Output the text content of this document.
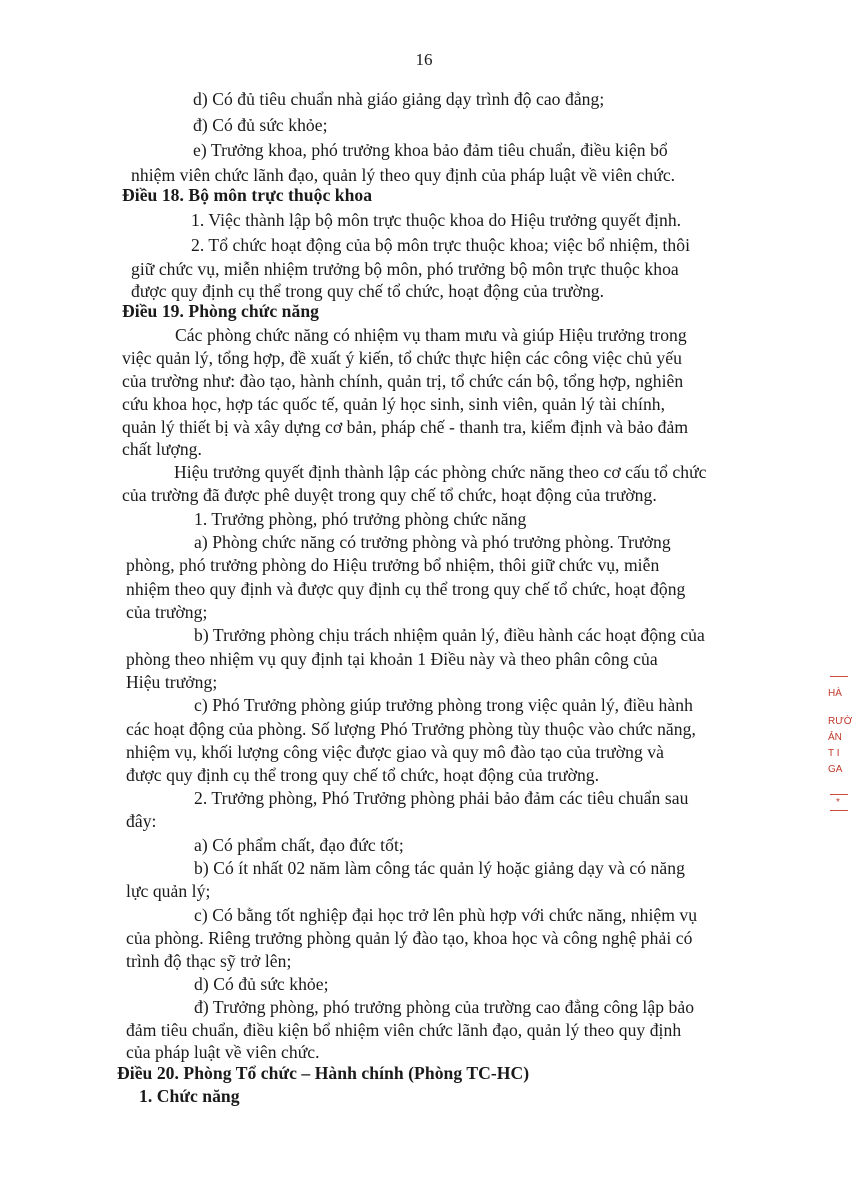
16
d) Có đủ tiêu chuẩn nhà giáo giảng dạy trình độ cao đẳng;
đ) Có đủ sức khỏe;
e) Trưởng khoa, phó trưởng khoa bảo đảm tiêu chuẩn, điều kiện bổ
nhiệm viên chức lãnh đạo, quản lý theo quy định của pháp luật về viên chức.
Điều 18. Bộ môn trực thuộc khoa
1. Việc thành lập bộ môn trực thuộc khoa do Hiệu trưởng quyết định.
2. Tổ chức hoạt động của bộ môn trực thuộc khoa; việc bổ nhiệm, thôi
giữ chức vụ, miễn nhiệm trưởng bộ môn, phó trưởng bộ môn trực thuộc khoa
được quy định cụ thể trong quy chế tổ chức, hoạt động của trường.
Điều 19. Phòng chức năng
Các phòng chức năng có nhiệm vụ tham mưu và giúp Hiệu trưởng trong
việc quản lý, tổng hợp, đề xuất ý kiến, tổ chức thực hiện các công việc chủ yếu
của trường như: đào tạo, hành chính, quản trị, tổ chức cán bộ, tổng hợp, nghiên
cứu khoa học, hợp tác quốc tế, quản lý học sinh, sinh viên, quản lý tài chính,
quản lý thiết bị và xây dựng cơ bản, pháp chế - thanh tra, kiểm định và bảo đảm
chất lượng.
Hiệu trưởng quyết định thành lập các phòng chức năng theo cơ cấu tổ chức
của trường đã được phê duyệt trong quy chế tổ chức, hoạt động của trường.
1. Trưởng phòng, phó trưởng phòng chức năng
a) Phòng chức năng có trưởng phòng và phó trưởng phòng. Trưởng
phòng, phó trưởng phòng do Hiệu trưởng bổ nhiệm, thôi giữ chức vụ, miễn
nhiệm theo quy định và được quy định cụ thể trong quy chế tổ chức, hoạt động
của trường;
b) Trưởng phòng chịu trách nhiệm quản lý, điều hành các hoạt động của
phòng theo nhiệm vụ quy định tại khoản 1 Điều này và theo phân công của
Hiệu trưởng;
c) Phó Trưởng phòng giúp trưởng phòng trong việc quản lý, điều hành
các hoạt động của phòng. Số lượng Phó Trưởng phòng tùy thuộc vào chức năng,
nhiệm vụ, khối lượng công việc được giao và quy mô đào tạo của trường và
được quy định cụ thể trong quy chế tổ chức, hoạt động của trường.
2. Trưởng phòng, Phó Trưởng phòng phải bảo đảm các tiêu chuẩn sau
đây:
a) Có phẩm chất, đạo đức tốt;
b) Có ít nhất 02 năm làm công tác quản lý hoặc giảng dạy và có năng
lực quản lý;
c) Có bằng tốt nghiệp đại học trở lên phù hợp với chức năng, nhiệm vụ
của phòng. Riêng trưởng phòng quản lý đào tạo, khoa học và công nghệ phải có
trình độ thạc sỹ trở lên;
d) Có đủ sức khỏe;
đ) Trưởng phòng, phó trưởng phòng của trường cao đẳng công lập bảo
đảm tiêu chuẩn, điều kiện bổ nhiệm viên chức lãnh đạo, quản lý theo quy định
của pháp luật về viên chức.
Điều 20. Phòng Tổ chức – Hành chính (Phòng TC-HC)
1. Chức năng
HÀ
RƯỜ
ẢN
T I
GA
*
